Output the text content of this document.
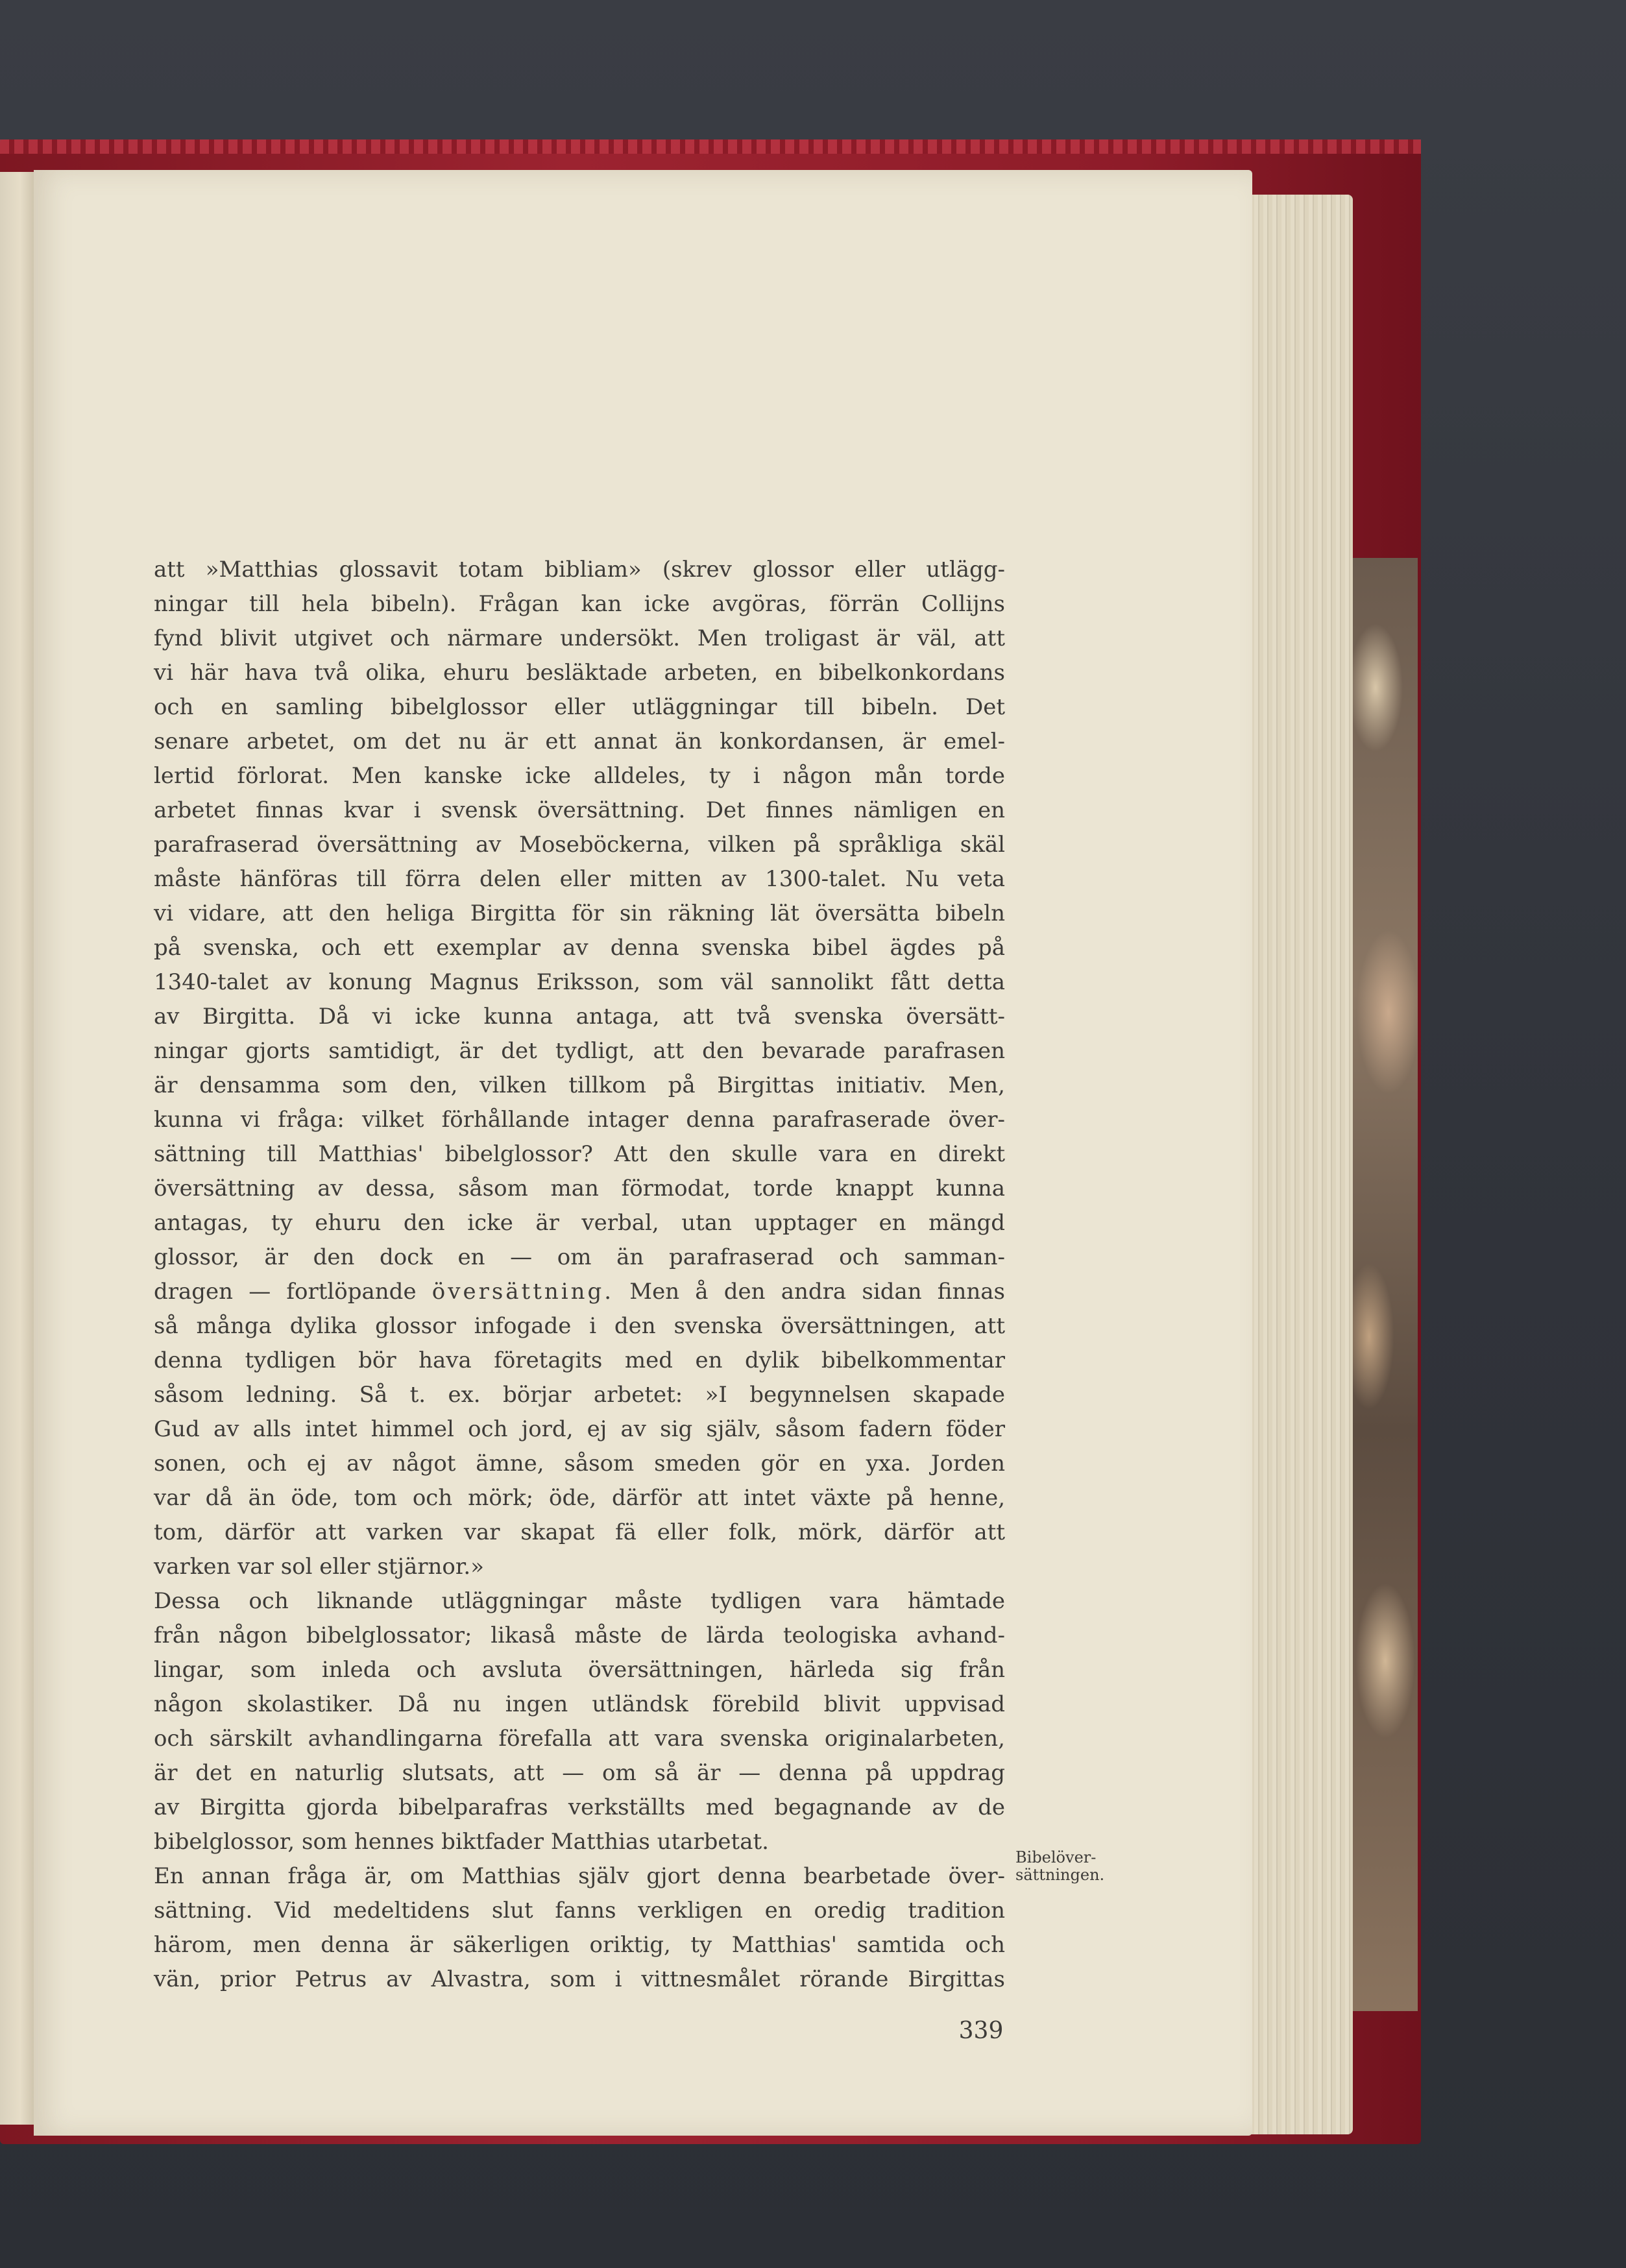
att »Matthias glossavit totam bibliam» (skrev glossor eller utlägg-
ningar till hela bibeln). Frågan kan icke avgöras, förrän Collijns
fynd blivit utgivet och närmare undersökt. Men troligast är väl, att
vi här hava två olika, ehuru besläktade arbeten, en bibelkonkordans
och en samling bibelglossor eller utläggningar till bibeln. Det
senare arbetet, om det nu är ett annat än konkordansen, är emel-
lertid förlorat. Men kanske icke alldeles, ty i någon mån torde
arbetet finnas kvar i svensk översättning. Det finnes nämligen en
parafraserad översättning av Moseböckerna, vilken på språkliga skäl
måste hänföras till förra delen eller mitten av 1300-talet. Nu veta
vi vidare, att den heliga Birgitta för sin räkning lät översätta bibeln
på svenska, och ett exemplar av denna svenska bibel ägdes på
1340-talet av konung Magnus Eriksson, som väl sannolikt fått detta
av Birgitta. Då vi icke kunna antaga, att två svenska översätt-
ningar gjorts samtidigt, är det tydligt, att den bevarade parafrasen
är densamma som den, vilken tillkom på Birgittas initiativ. Men,
kunna vi fråga: vilket förhållande intager denna parafraserade över-
sättning till Matthias' bibelglossor? Att den skulle vara en direkt
översättning av dessa, såsom man förmodat, torde knappt kunna
antagas, ty ehuru den icke är verbal, utan upptager en mängd
glossor, är den dock en — om än parafraserad och samman-
dragen — fortlöpande översättning. Men å den andra sidan finnas
så många dylika glossor infogade i den svenska översättningen, att
denna tydligen bör hava företagits med en dylik bibelkommentar
såsom ledning. Så t. ex. börjar arbetet: »I begynnelsen skapade
Gud av alls intet himmel och jord, ej av sig själv, såsom fadern föder
sonen, och ej av något ämne, såsom smeden gör en yxa. Jorden
var då än öde, tom och mörk; öde, därför att intet växte på henne,
tom, därför att varken var skapat fä eller folk, mörk, därför att
varken var sol eller stjärnor.»
Dessa och liknande utläggningar måste tydligen vara hämtade
från någon bibelglossator; likaså måste de lärda teologiska avhand-
lingar, som inleda och avsluta översättningen, härleda sig från
någon skolastiker. Då nu ingen utländsk förebild blivit uppvisad
och särskilt avhandlingarna förefalla att vara svenska originalarbeten,
är det en naturlig slutsats, att — om så är — denna på uppdrag
av Birgitta gjorda bibelparafras verkställts med begagnande av de
bibelglossor, som hennes biktfader Matthias utarbetat.
En annan fråga är, om Matthias själv gjort denna bearbetade över-
sättning. Vid medeltidens slut fanns verkligen en oredig tradition
härom, men denna är säkerligen oriktig, ty Matthias' samtida och
vän, prior Petrus av Alvastra, som i vittnesmålet rörande Birgittas
Bibelöver-
sättningen.
339
